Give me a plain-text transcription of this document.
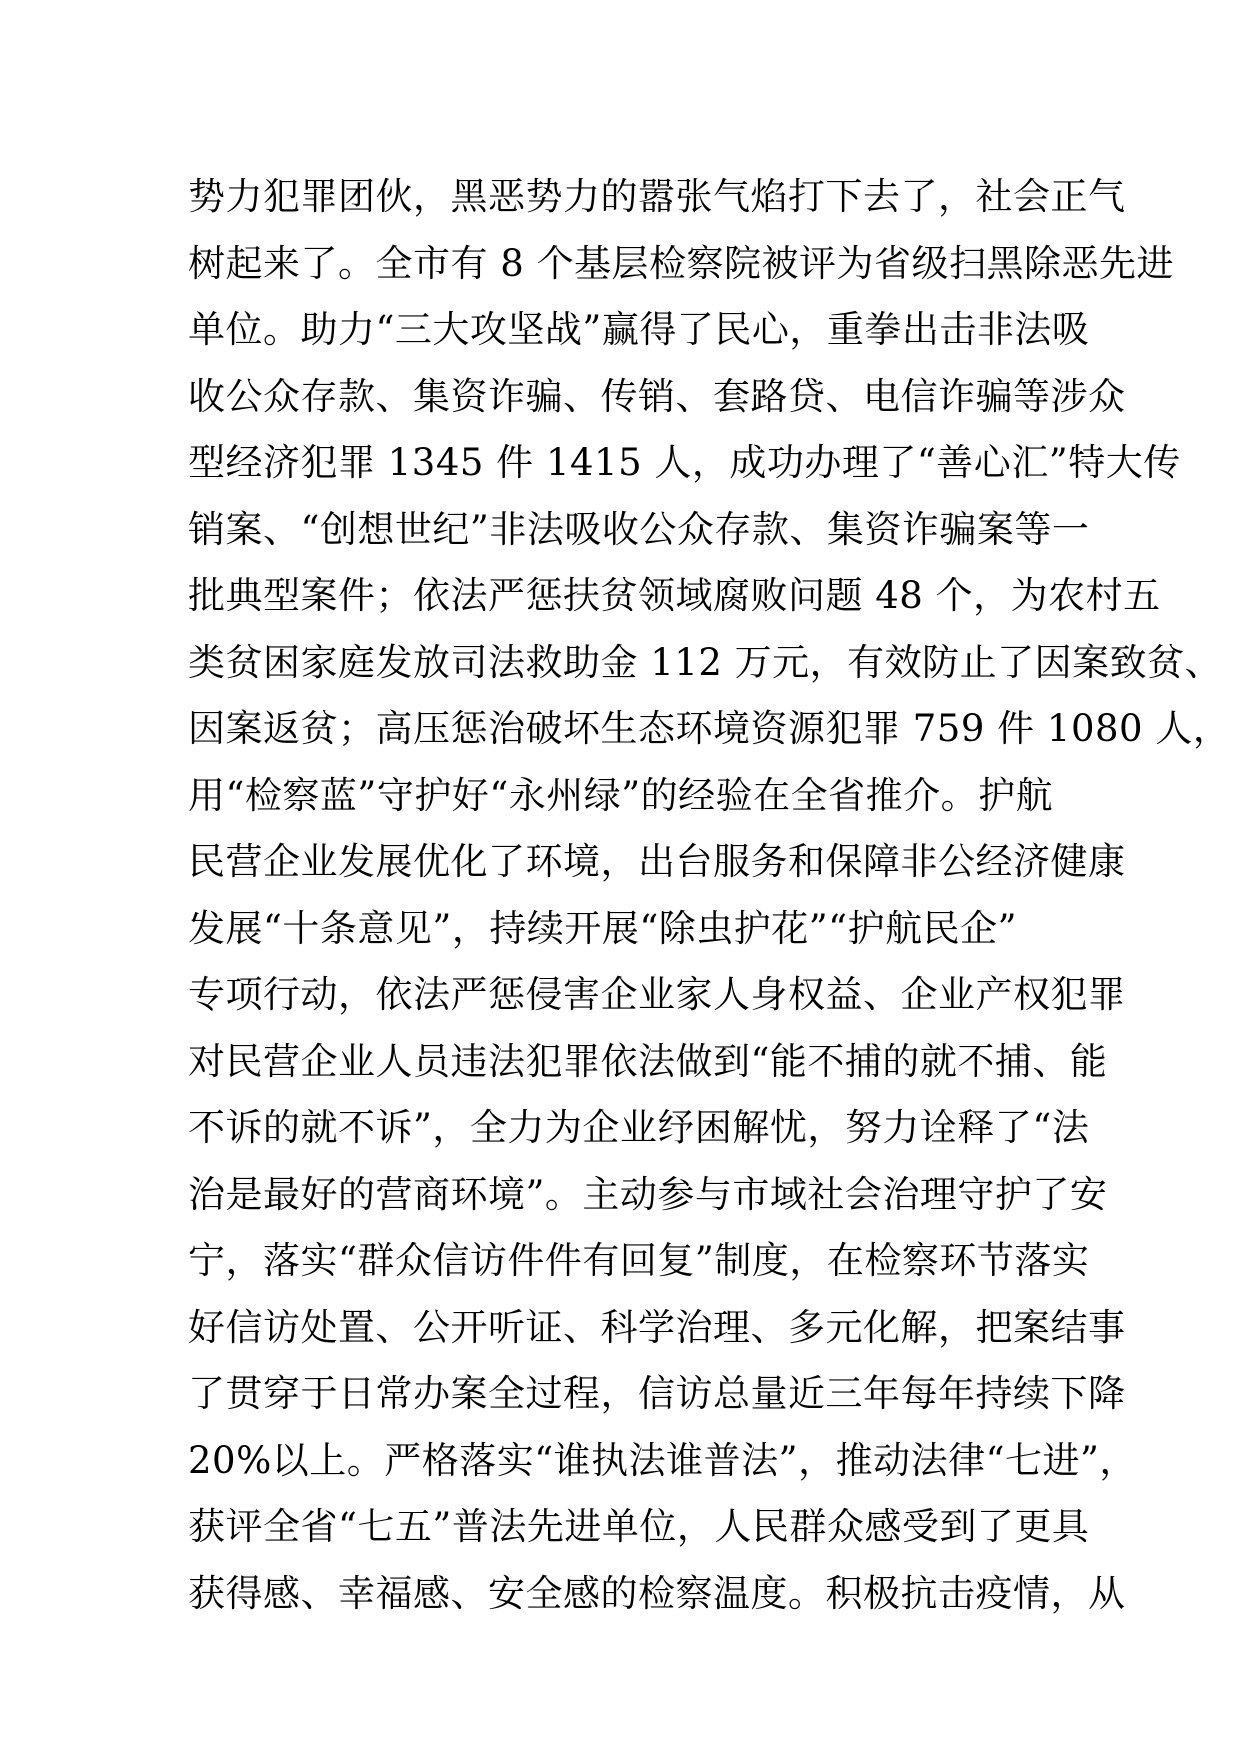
势力犯罪团伙，黑恶势力的嚣张气焰打下去了，社会正气
树起来了。全市有 8 个基层检察院被评为省级扫黑除恶先进
单位。助力“三大攻坚战”赢得了民心，重拳出击非法吸
收公众存款、集资诈骗、传销、套路贷、电信诈骗等涉众
型经济犯罪 1345 件 1415 人，成功办理了“善心汇”特大传
销案、“创想世纪”非法吸收公众存款、集资诈骗案等一
批典型案件；依法严惩扶贫领域腐败问题 48 个，为农村五
类贫困家庭发放司法救助金 112 万元，有效防止了因案致贫、
因案返贫；高压惩治破坏生态环境资源犯罪 759 件 1080 人，
用“检察蓝”守护好“永州绿”的经验在全省推介。护航
民营企业发展优化了环境，出台服务和保障非公经济健康
发展“十条意见”，持续开展“除虫护花”“护航民企”
专项行动，依法严惩侵害企业家人身权益、企业产权犯罪
对民营企业人员违法犯罪依法做到“能不捕的就不捕、能
不诉的就不诉”，全力为企业纾困解忧，努力诠释了“法
治是最好的营商环境”。主动参与市域社会治理守护了安
宁，落实“群众信访件件有回复”制度，在检察环节落实
好信访处置、公开听证、科学治理、多元化解，把案结事
了贯穿于日常办案全过程，信访总量近三年每年持续下降
20%以上。严格落实“谁执法谁普法”，推动法律“七进”，
获评全省“七五”普法先进单位，人民群众感受到了更具
获得感、幸福感、安全感的检察温度。积极抗击疫情，从
